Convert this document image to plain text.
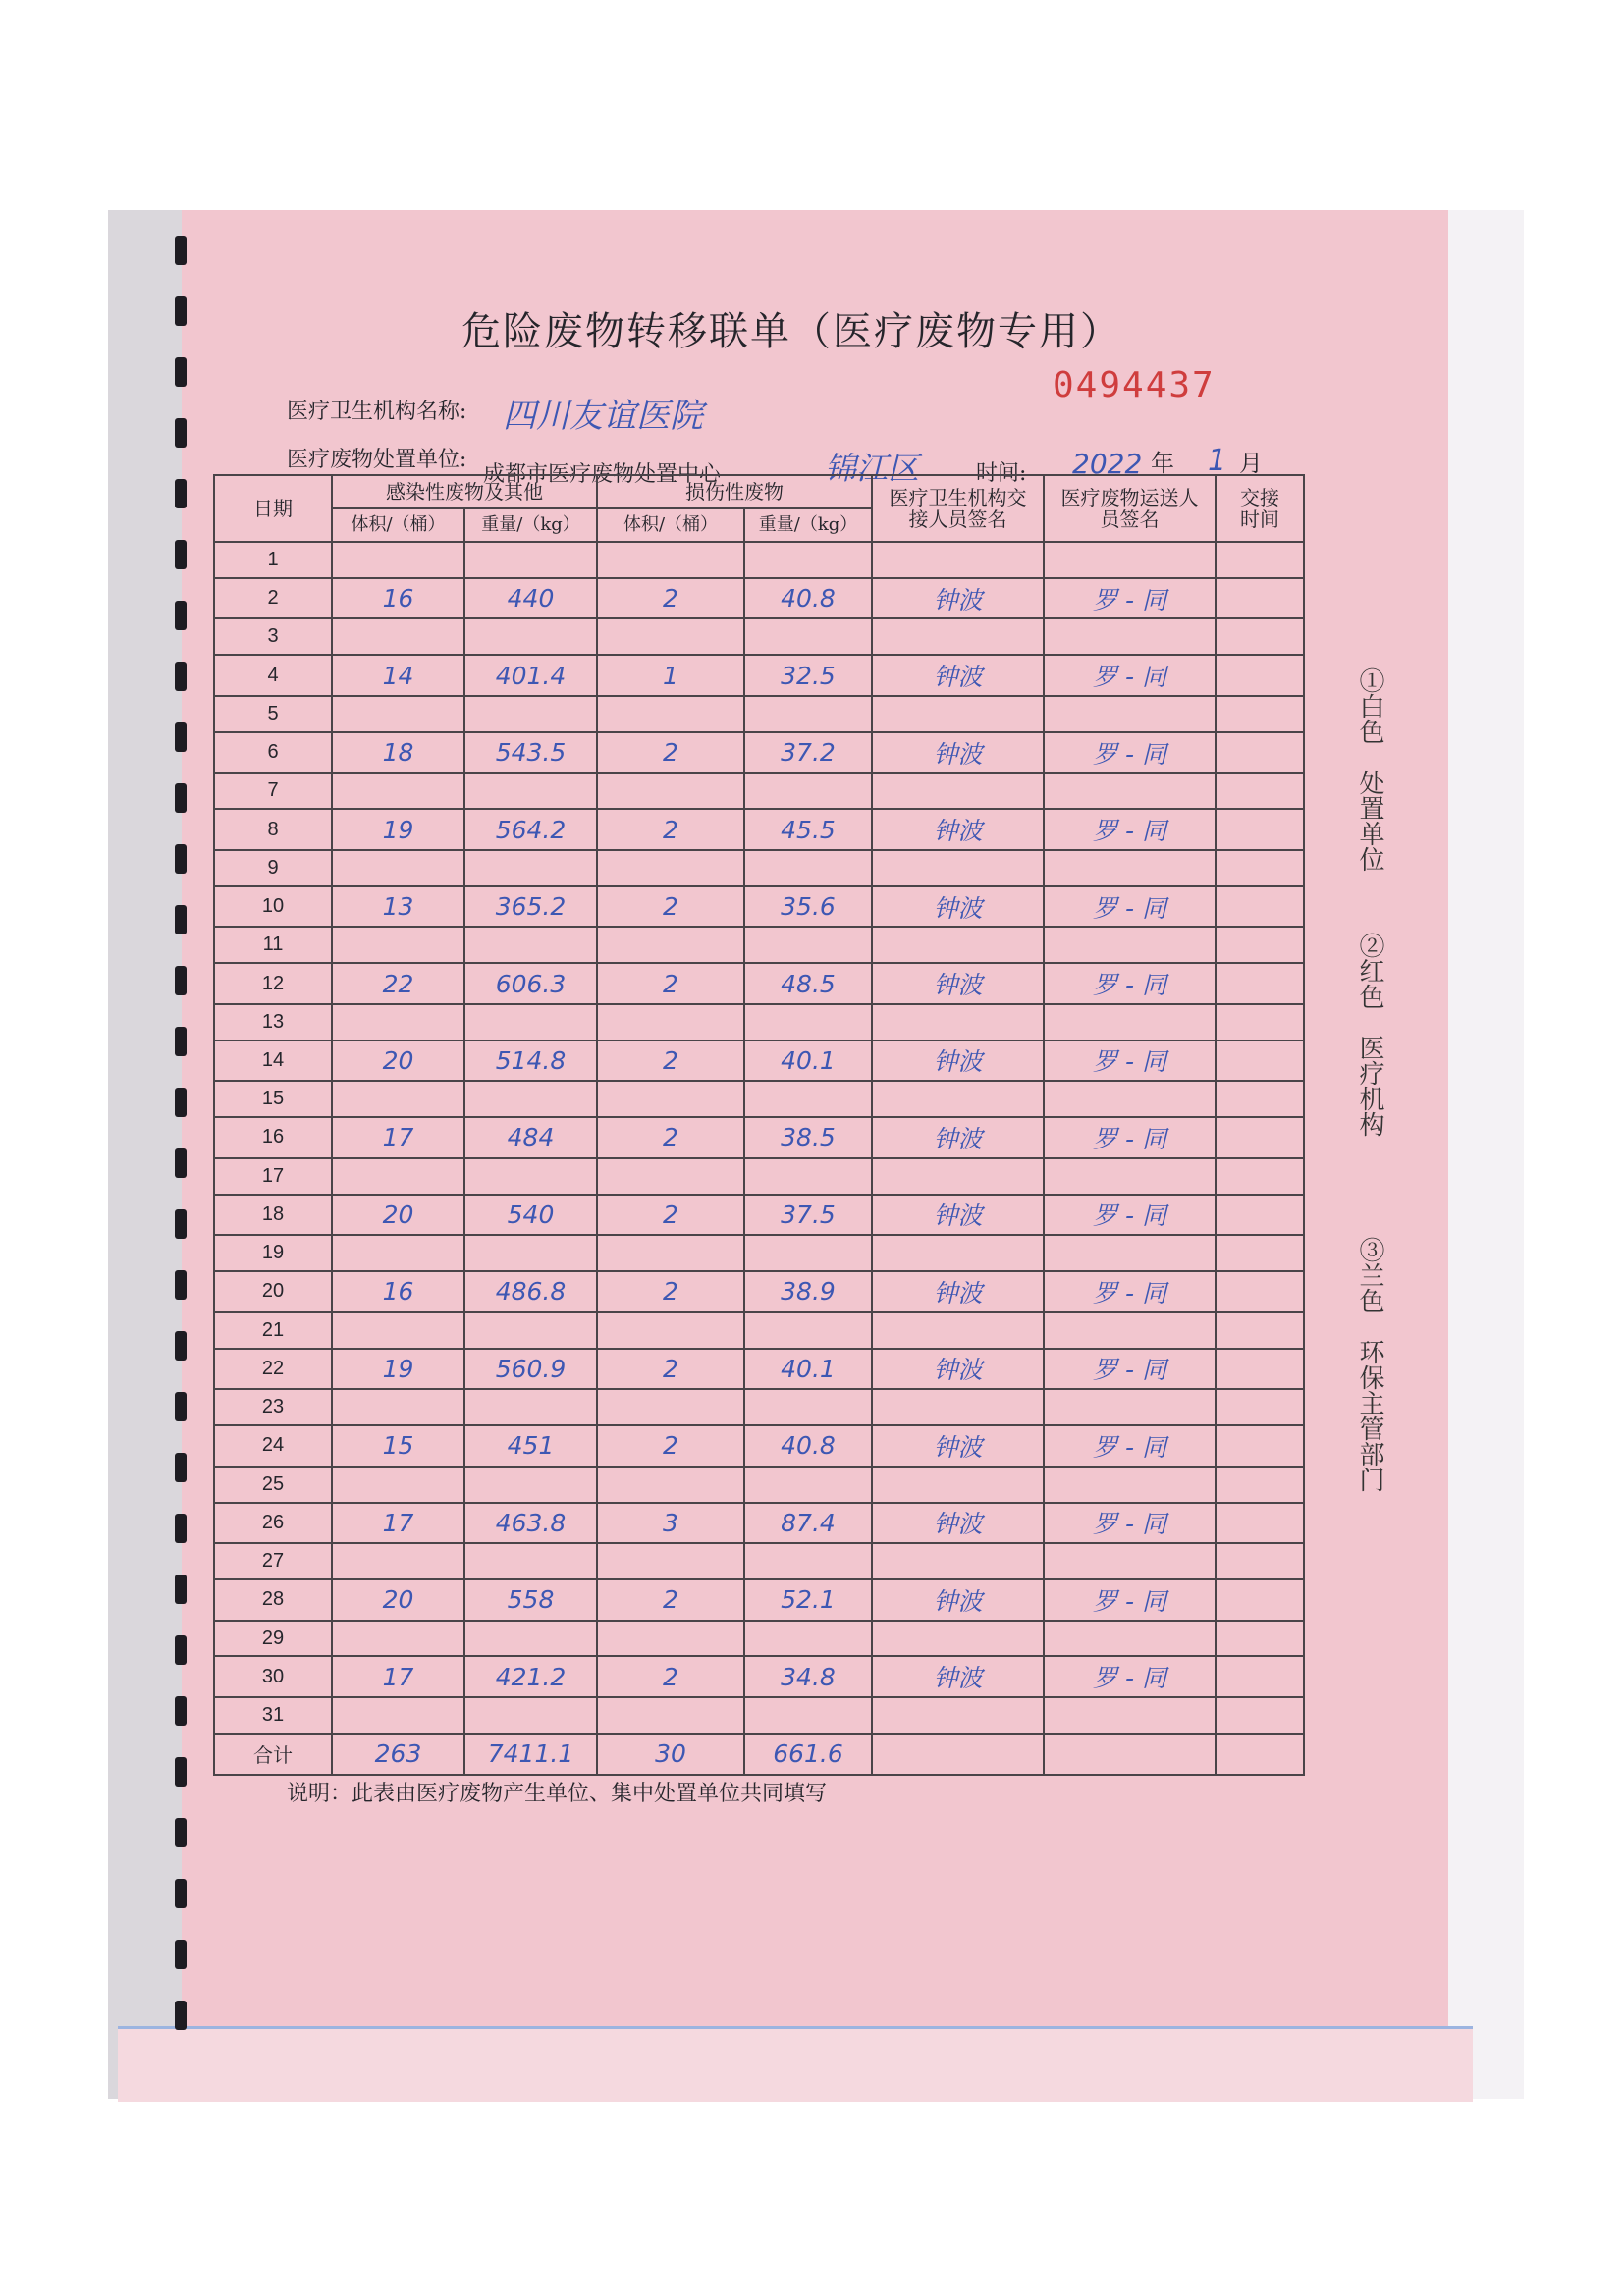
危险废物转移联单（医疗废物专用）
0494437
医疗卫生机构名称: 四川友谊医院
医疗废物处置单位:
成都市医疗废物处置中心	锦江区	时间: 2022 年 1 月
日期	感染性废物及其他		损伤性废物		医疗卫生机构交接人员签名	医疗废物运送人员签名	交接时间
	体积/（桶）	重量/（kg）	体积/（桶）	重量/（kg）			
1							
2	16	440	2	40.8	钟波	罗 - 同	
3							
4	14	401.4	1	32.5	钟波	罗 - 同	
5							
6	18	543.5	2	37.2	钟波	罗 - 同	
7							
8	19	564.2	2	45.5	钟波	罗 - 同	
9							
10	13	365.2	2	35.6	钟波	罗 - 同	
11							
12	22	606.3	2	48.5	钟波	罗 - 同	
13							
14	20	514.8	2	40.1	钟波	罗 - 同	
15							
16	17	484	2	38.5	钟波	罗 - 同	
17							
18	20	540	2	37.5	钟波	罗 - 同	
19							
20	16	486.8	2	38.9	钟波	罗 - 同	
21							
22	19	560.9	2	40.1	钟波	罗 - 同	
23							
24	15	451	2	40.8	钟波	罗 - 同	
25							
26	17	463.8	3	87.4	钟波	罗 - 同	
27							
28	20	558	2	52.1	钟波	罗 - 同	
29							
30	17	421.2	2	34.8	钟波	罗 - 同	
31							
合计	263	7411.1	30	661.6			
说明：此表由医疗废物产生单位、集中处置单位共同填写
①白色　处置单位
②红色　医疗机构
③兰色　环保主管部门
